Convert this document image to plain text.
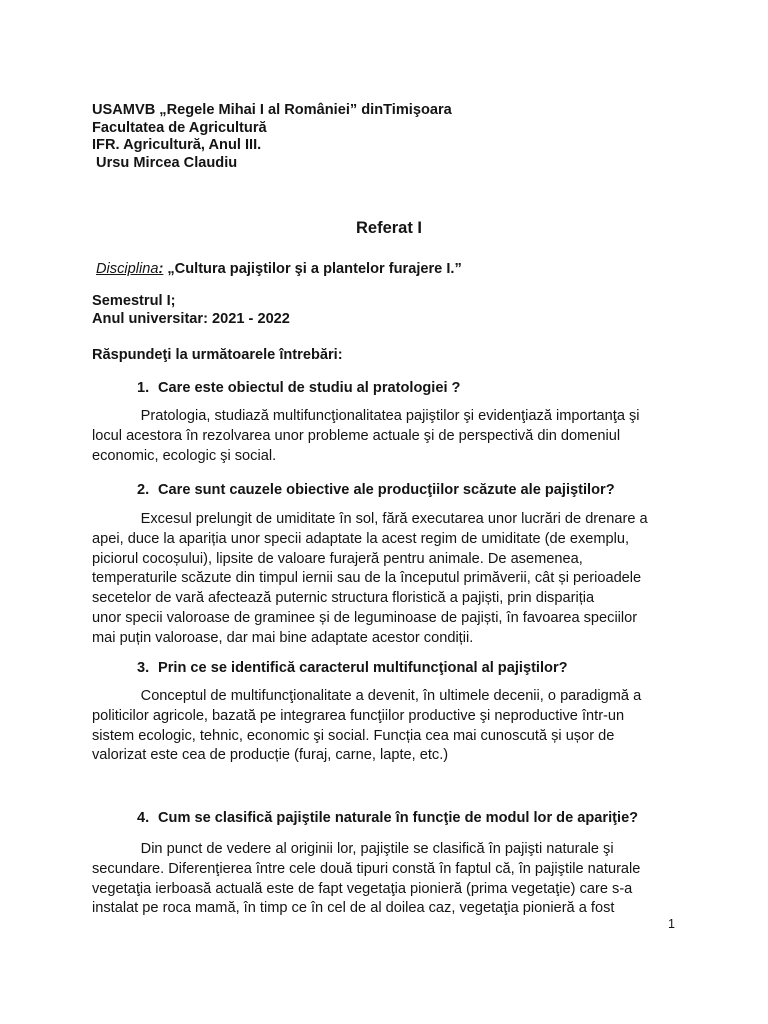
USAMVB „Regele Mihai I al României” dinTimişoara
Facultatea de Agricultură
IFR. Agricultură, Anul III.
Ursu Mircea Claudiu
Referat I
Disciplina: „Cultura pajiştilor şi a plantelor furajere I.”
Semestrul I;
Anul universitar: 2021 - 2022
Răspundeţi la următoarele întrebări:
1. Care este obiectul de studiu al pratologiei ?
Pratologia, studiază multifuncţionalitatea pajiştilor şi evidenţiază importanţa şi
locul acestora în rezolvarea unor probleme actuale şi de perspectivă din domeniul
economic, ecologic şi social.
2. Care sunt cauzele obiective ale producţiilor scăzute ale pajiştilor?
Excesul prelungit de umiditate în sol, fără executarea unor lucrări de drenare a
apei, duce la apariția unor specii adaptate la acest regim de umiditate (de exemplu,
piciorul cocoșului), lipsite de valoare furajeră pentru animale. De asemenea,
temperaturile scăzute din timpul iernii sau de la începutul primăverii, cât și perioadele
secetelor de vară afectează puternic structura floristică a pajiști, prin dispariția
unor specii valoroase de graminee și de leguminoase de pajiști, în favoarea speciilor
mai puțin valoroase, dar mai bine adaptate acestor condiții.
3. Prin ce se identifică caracterul multifuncţional al pajiştilor?
Conceptul de multifuncţionalitate a devenit, în ultimele decenii, o paradigmă a
politicilor agricole, bazată pe integrarea funcţiilor productive şi neproductive într-un
sistem ecologic, tehnic, economic şi social. Funcția cea mai cunoscută și ușor de
valorizat este cea de producție (furaj, carne, lapte, etc.)
4. Cum se clasifică pajiştile naturale în funcţie de modul lor de apariţie?
Din punct de vedere al originii lor, pajiştile se clasifică în pajişti naturale şi
secundare. Diferenţierea între cele două tipuri constă în faptul că, în pajiştile naturale
vegetaţia ierboasă actuală este de fapt vegetaţia pionieră (prima vegetaţie) care s-a
instalat pe roca mamă, în timp ce în cel de al doilea caz, vegetaţia pionieră a fost
1
